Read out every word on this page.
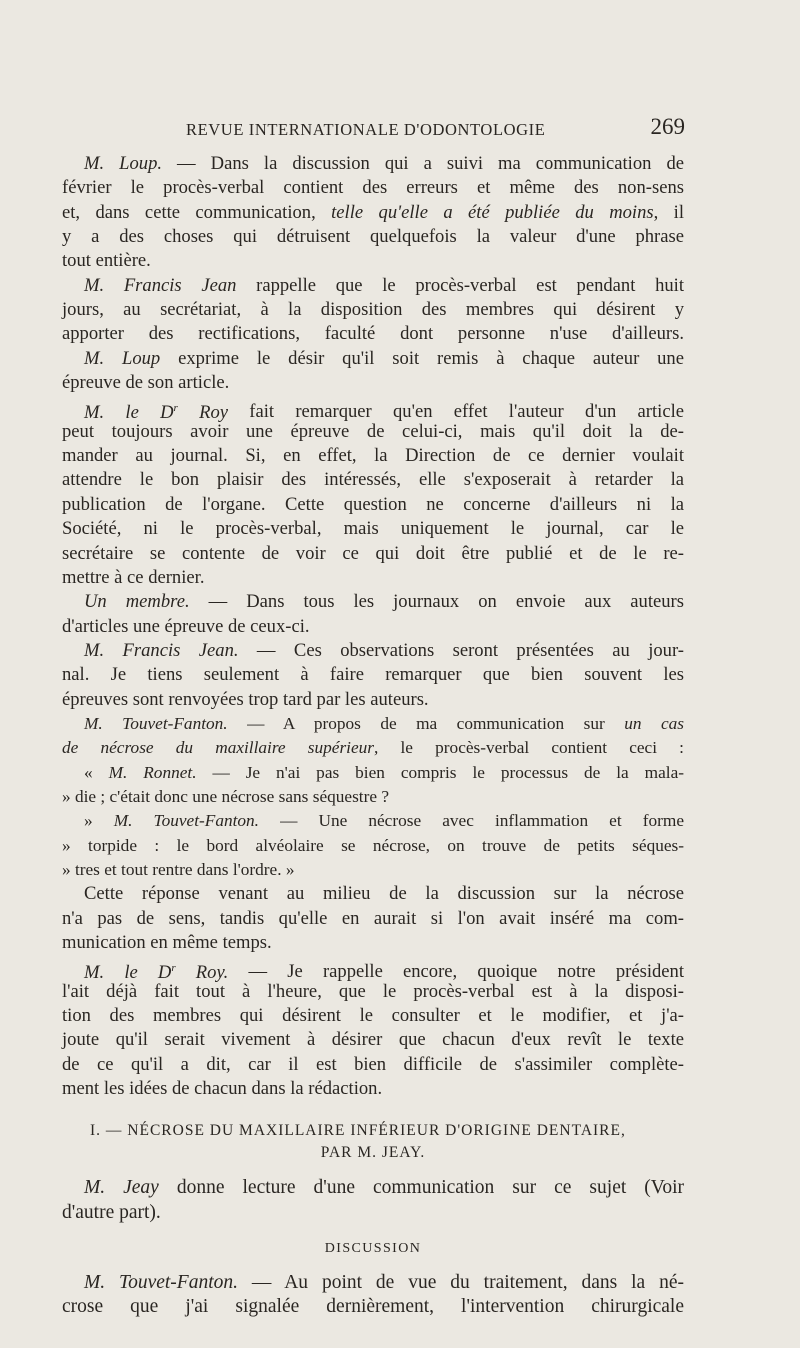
REVUE INTERNATIONALE D'ODONTOLOGIE	269
M. Loup. — Dans la discussion qui a suivi ma communication de
février le procès-verbal contient des erreurs et même des non-sens
et, dans cette communication, telle qu'elle a été publiée du moins, il
y a des choses qui détruisent quelquefois la valeur d'une phrase
tout entière.
M. Francis Jean rappelle que le procès-verbal est pendant huit
jours, au secrétariat, à la disposition des membres qui désirent y
apporter des rectifications, faculté dont personne n'use d'ailleurs.
M. Loup exprime le désir qu'il soit remis à chaque auteur une
épreuve de son article.
M. le $D^r$ Roy fait remarquer qu'en effet l'auteur d'un article
peut toujours avoir une épreuve de celui-ci, mais qu'il doit la de-
mander au journal. Si, en effet, la Direction de ce dernier voulait
attendre le bon plaisir des intéressés, elle s'exposerait à retarder la
publication de l'organe. Cette question ne concerne d'ailleurs ni la
Société, ni le procès-verbal, mais uniquement le journal, car le
secrétaire se contente de voir ce qui doit être publié et de le re-
mettre à ce dernier.
Un membre. — Dans tous les journaux on envoie aux auteurs
d'articles une épreuve de ceux-ci.
M. Francis Jean. — Ces observations seront présentées au jour-
nal. Je tiens seulement à faire remarquer que bien souvent les
épreuves sont renvoyées trop tard par les auteurs.
M. Touvet-Fanton. — A propos de ma communication sur un cas
de nécrose du maxillaire supérieur, le procès-verbal contient ceci :
« M. Ronnet. — Je n'ai pas bien compris le processus de la mala-
» die ; c'était donc une nécrose sans séquestre ?
» M. Touvet-Fanton. — Une nécrose avec inflammation et forme
» torpide : le bord alvéolaire se nécrose, on trouve de petits séques-
» tres et tout rentre dans l'ordre. »
Cette réponse venant au milieu de la discussion sur la nécrose
n'a pas de sens, tandis qu'elle en aurait si l'on avait inséré ma com-
munication en même temps.
M. le $D^r$ Roy. — Je rappelle encore, quoique notre président
l'ait déjà fait tout à l'heure, que le procès-verbal est à la disposi-
tion des membres qui désirent le consulter et le modifier, et j'a-
joute qu'il serait vivement à désirer que chacun d'eux revît le texte
de ce qu'il a dit, car il est bien difficile de s'assimiler complète-
ment les idées de chacun dans la rédaction.
I. — NÉCROSE DU MAXILLAIRE INFÉRIEUR D'ORIGINE DENTAIRE,
PAR M. JEAY.
M. Jeay donne lecture d'une communication sur ce sujet (Voir
d'autre part).
DISCUSSION
M. Touvet-Fanton. — Au point de vue du traitement, dans la né-
crose que j'ai signalée dernièrement, l'intervention chirurgicale
